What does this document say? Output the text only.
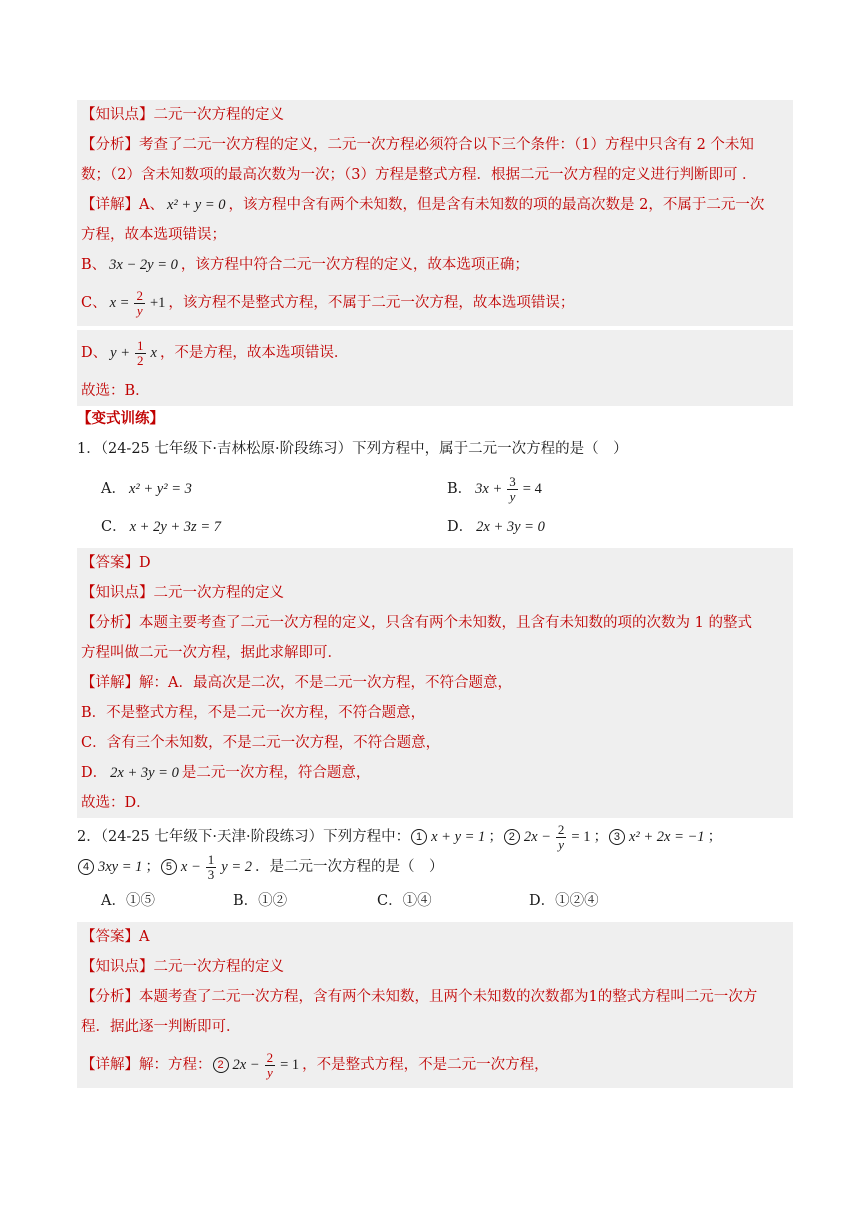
【知识点】二元一次方程的定义
【分析】考查了二元一次方程的定义，二元一次方程必须符合以下三个条件：（1）方程中只含有 2 个未知
数；（2）含未知数项的最高次数为一次；（3）方程是整式方程．根据二元一次方程的定义进行判断即可 ．
【详解】A、 x² + y = 0 ，该方程中含有两个未知数，但是含有未知数的项的最高次数是 2，不属于二元一次
方程，故本选项错误；
B、 3x − 2y = 0 ，该方程中符合二元一次方程的定义，故本选项正确；
C、 $x = \frac{2}{y} +1$ ，该方程不是整式方程，不属于二元一次方程，故本选项错误；
D、 $y + \frac{1}{2}$ x ，不是方程，故本选项错误．
故选：B．
【变式训练】
1．（24-25 七年级下·吉林松原·阶段练习）下列方程中，属于二元一次方程的是（　）
A． x² + y² = 3	B． $3x + \frac{3}{y} = 4$
C． x + 2y + 3z = 7	D． 2x + 3y = 0
【答案】D
【知识点】二元一次方程的定义
【分析】本题主要考查了二元一次方程的定义，只含有两个未知数，且含有未知数的项的次数为 1 的整式
方程叫做二元一次方程，据此求解即可．
【详解】解：A．最高次是二次，不是二元一次方程，不符合题意，
B．不是整式方程，不是二元一次方程，不符合题意，
C．含有三个未知数，不是二元一次方程，不符合题意，
D． 2x + 3y = 0 是二元一次方程，符合题意，
故选：D．
2．（24-25 七年级下·天津·阶段练习）下列方程中： 1 x + y = 1 ； 2 $2x - \frac{2}{y} = 1$ ； 3 x² + 2x = −1 ；
4 3xy = 1 ； 5 $x - \frac{1}{3}$ y = 2 ．是二元一次方程的是（　）
A．①⑤	B．①②	C．①④	D．①②④
【答案】A
【知识点】二元一次方程的定义
【分析】本题考查了二元一次方程，含有两个未知数，且两个未知数的次数都为1的整式方程叫二元一次方
程．据此逐一判断即可．
【详解】解：方程： 2 $2x - \frac{2}{y} = 1$ ，不是整式方程，不是二元一次方程，
